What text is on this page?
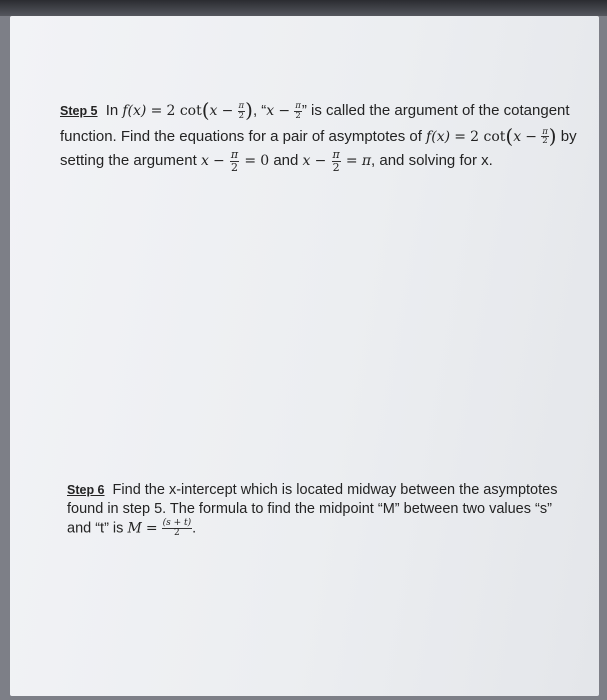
Step 5 In f(x) = 2 $\cot(x - \frac{\pi}{2}$ ), “$x - \frac{\pi}{2}$ ” is called the argument of the cotangent function. Find the equations for a pair of asymptotes of f(x) = 2 $\cot(x - \frac{\pi}{2}$ ) by setting the argument $x - \frac{\pi}{2} = 0$ and $x - \frac{\pi}{2} = \pi$, and solving for x.
Step 6 Find the x-intercept which is located midway between the asymptotes found in step 5. The formula to find the midpoint “M” between two values “s” and “t” is $M = \frac{(s + t)}{2}$ .
